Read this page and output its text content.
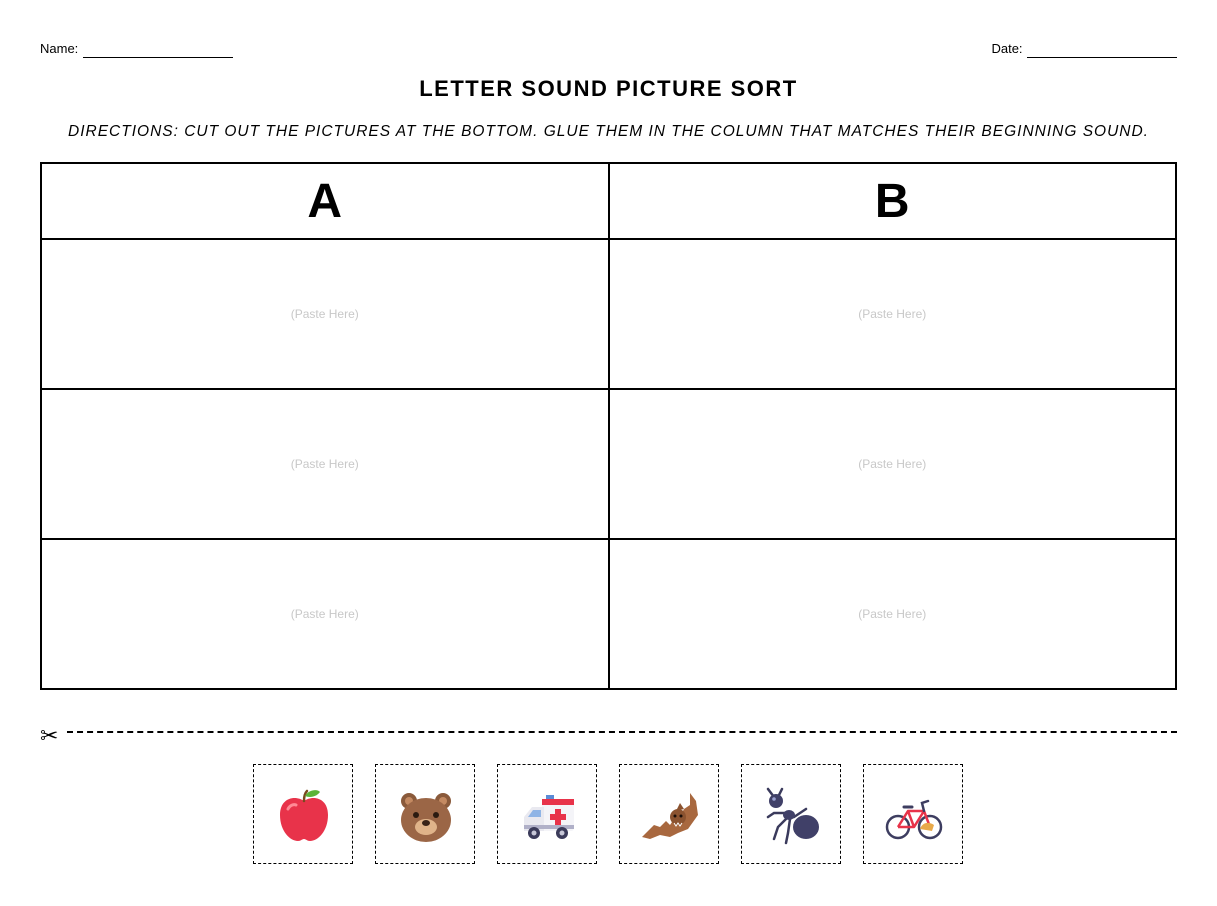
Name:	Date:
LETTER SOUND PICTURE SORT
DIRECTIONS: CUT OUT THE PICTURES AT THE BOTTOM. GLUE THEM IN THE COLUMN THAT MATCHES THEIR BEGINNING SOUND.
A	B
(Paste Here)	(Paste Here)
(Paste Here)	(Paste Here)
(Paste Here)	(Paste Here)
✂
